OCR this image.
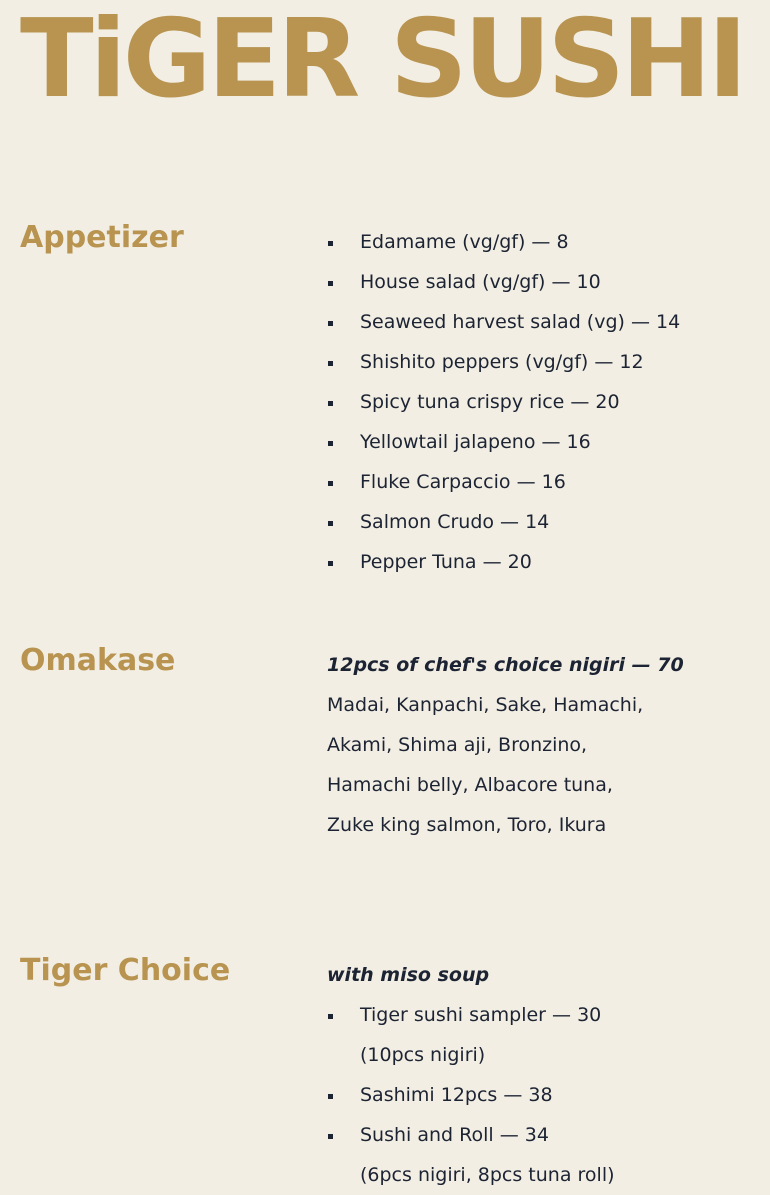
TiGER SUSHI
Appetizer	Edamame (vg/gf) — 8
House salad (vg/gf) — 10
Seaweed harvest salad (vg) — 14
Shishito peppers (vg/gf) — 12
Spicy tuna crispy rice — 20
Yellowtail jalapeno — 16
Fluke Carpaccio — 16
Salmon Crudo — 14
Pepper Tuna — 20
Omakase	12pcs of chef's choice nigiri — 70
Madai, Kanpachi, Sake, Hamachi,
Akami, Shima aji, Bronzino,
Hamachi belly, Albacore tuna,
Zuke king salmon, Toro, Ikura
Tiger Choice	with miso soup
Tiger sushi sampler — 30
(10pcs nigiri)
Sashimi 12pcs — 38
Sushi and Roll — 34
(6pcs nigiri, 8pcs tuna roll)
